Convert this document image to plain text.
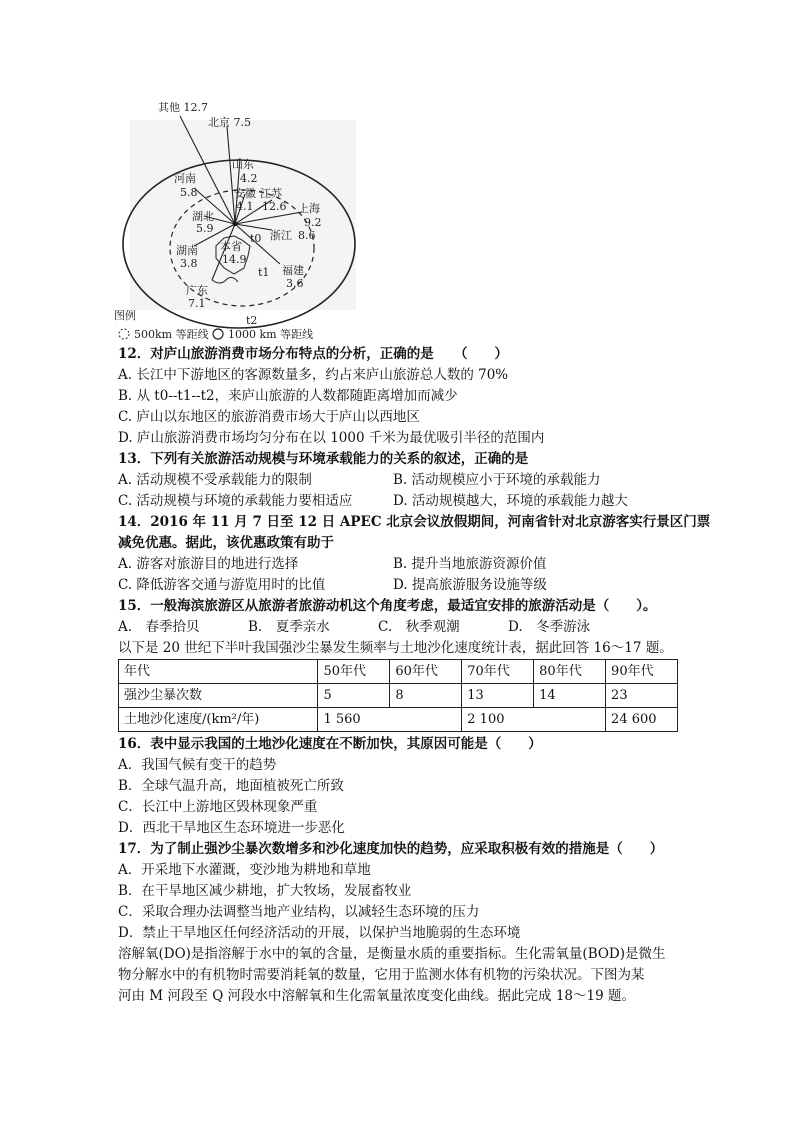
其他 12.7
北京 7.5
山东
4.2
河南
5.8	安徽
4.1
江苏
12.6 上海
9.2
湖北
5.9
浙江 8.6
湖南
3.8
本省
14.9
福建
3.6
广东
7.1
t0
t1
t2
图例
500km 等距线 1000 km 等距线
12．对庐山旅游消费市场分布特点的分析，正确的是　　（　　）
A. 长江中下游地区的客源数量多，约占来庐山旅游总人数的 70%
B. 从 t0--t1--t2，来庐山旅游的人数都随距离增加而减少
C. 庐山以东地区的旅游消费市场大于庐山以西地区
D. 庐山旅游消费市场均匀分布在以 1000 千米为最优吸引半径的范围内
13．下列有关旅游活动规模与环境承载能力的关系的叙述，正确的是
A. 活动规模不受承载能力的限制	B. 活动规模应小于环境的承载能力
C. 活动规模与环境的承载能力要相适应	D. 活动规模越大，环境的承载能力越大
14．2016 年 11 月 7 日至 12 日 APEC 北京会议放假期间，河南省针对北京游客实行景区门票
减免优惠。据此，该优惠政策有助于
A. 游客对旅游目的地进行选择	B. 提升当地旅游资源价值
C. 降低游客交通与游览用时的比值	D. 提高旅游服务设施等级
15．一般海滨旅游区从旅游者旅游动机这个角度考虑，最适宜安排的旅游活动是（　　）。
A.　春季拾贝	B.　夏季亲水	C.　秋季观潮	D.　冬季游泳
以下是 20 世纪下半叶我国强沙尘暴发生频率与土地沙化速度统计表，据此回答 16～17 题。
年代	50年代	60年代	70年代	80年代	90年代
强沙尘暴次数	5	8	13	14	23
土地沙化速度/(km²/年)	1 560		2 100		24 600
16．表中显示我国的土地沙化速度在不断加快，其原因可能是（　　）
A．我国气候有变干的趋势
B．全球气温升高，地面植被死亡所致
C．长江中上游地区毁林现象严重
D．西北干旱地区生态环境进一步恶化
17．为了制止强沙尘暴次数增多和沙化速度加快的趋势，应采取积极有效的措施是（　　）
A．开采地下水灌溉，变沙地为耕地和草地
B．在干旱地区减少耕地，扩大牧场，发展畜牧业
C．采取合理办法调整当地产业结构，以减轻生态环境的压力
D．禁止干旱地区任何经济活动的开展，以保护当地脆弱的生态环境
溶解氧(DO)是指溶解于水中的氧的含量，是衡量水质的重要指标。生化需氧量(BOD)是微生
物分解水中的有机物时需要消耗氧的数量，它用于监测水体有机物的污染状况。下图为某
河由 M 河段至 Q 河段水中溶解氧和生化需氧量浓度变化曲线。据此完成 18～19 题。
